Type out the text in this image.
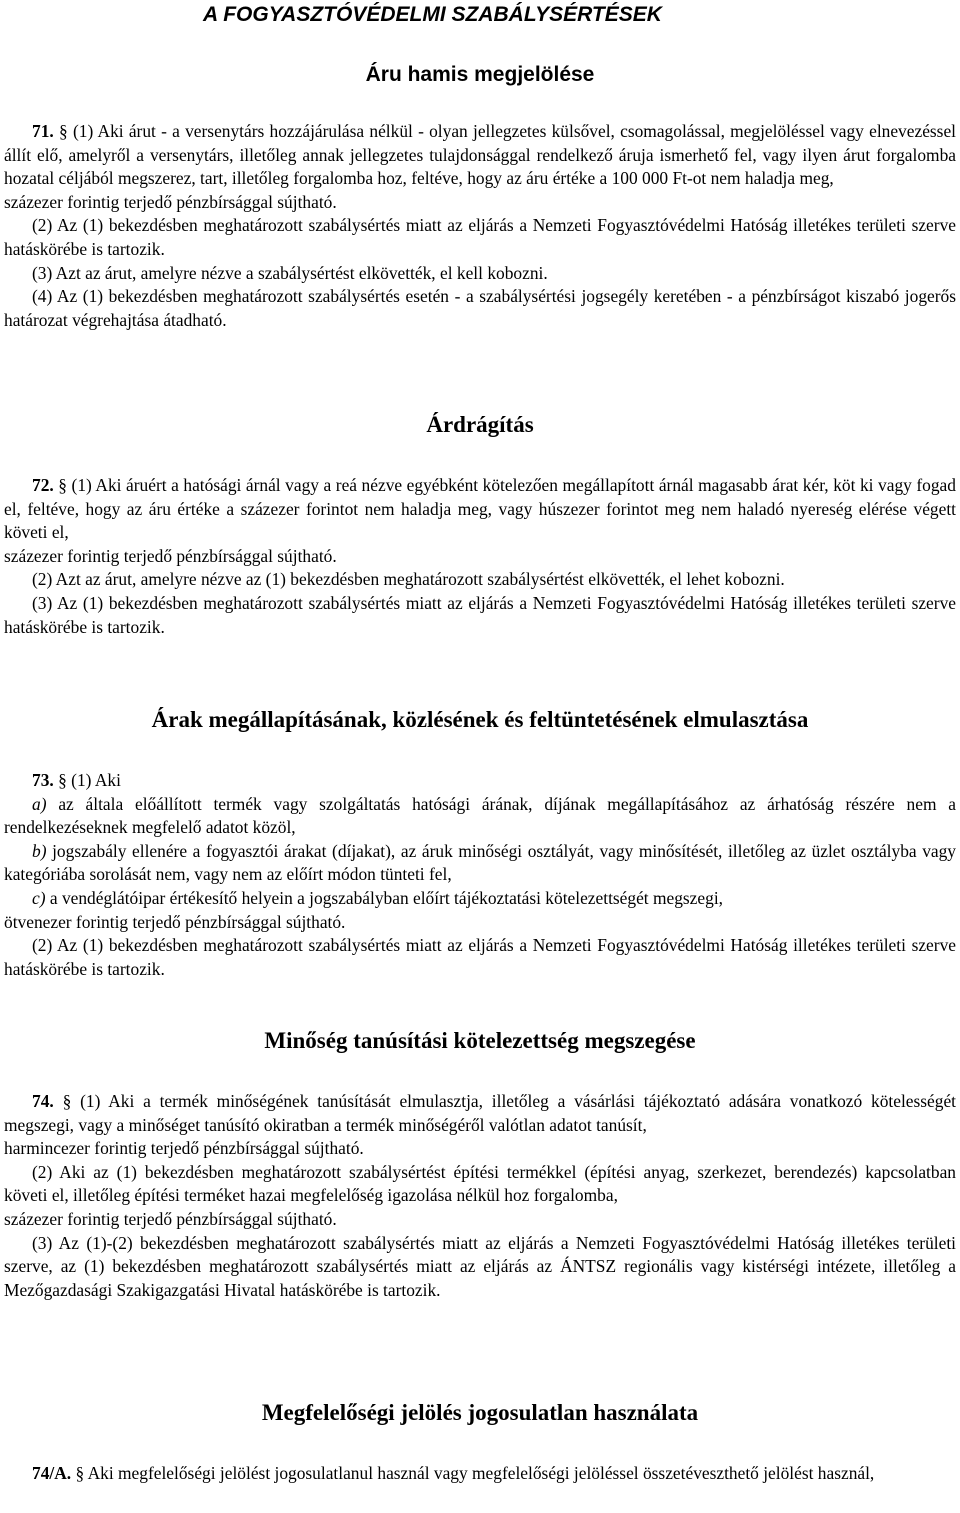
A FOGYASZTÓVÉDELMI SZABÁLYSÉRTÉSEK
Áru hamis megjelölése

71. § (1) Aki árut - a versenytárs hozzájárulása nélkül - olyan jellegzetes külsővel, csomagolással, megjelöléssel vagy elnevezéssel állít elő, amelyről a versenytárs, illetőleg annak jellegzetes tulajdonsággal rendelkező áruja ismerhető fel, vagy ilyen árut forgalomba hozatal céljából megszerez, tart, illetőleg forgalomba hoz, feltéve, hogy az áru értéke a 100 000 Ft-ot nem haladja meg,

százezer forintig terjedő pénzbírsággal sújtható.

(2) Az (1) bekezdésben meghatározott szabálysértés miatt az eljárás a Nemzeti Fogyasztóvédelmi Hatóság illetékes területi szerve hatáskörébe is tartozik.

(3) Azt az árut, amelyre nézve a szabálysértést elkövették, el kell kobozni.

(4) Az (1) bekezdésben meghatározott szabálysértés esetén - a szabálysértési jogsegély keretében - a pénzbírságot kiszabó jogerős határozat végrehajtása átadható.

Árdrágítás

72. § (1) Aki áruért a hatósági árnál vagy a reá nézve egyébként kötelezően megállapított árnál magasabb árat kér, köt ki vagy fogad el, feltéve, hogy az áru értéke a százezer forintot nem haladja meg, vagy húszezer forintot meg nem haladó nyereség elérése végett követi el,

százezer forintig terjedő pénzbírsággal sújtható.

(2) Azt az árut, amelyre nézve az (1) bekezdésben meghatározott szabálysértést elkövették, el lehet kobozni.

(3) Az (1) bekezdésben meghatározott szabálysértés miatt az eljárás a Nemzeti Fogyasztóvédelmi Hatóság illetékes területi szerve hatáskörébe is tartozik.

Árak megállapításának, közlésének és feltüntetésének elmulasztása

73. § (1) Aki

a) az általa előállított termék vagy szolgáltatás hatósági árának, díjának megállapításához az árhatóság részére nem a rendelkezéseknek megfelelő adatot közöl,

b) jogszabály ellenére a fogyasztói árakat (díjakat), az áruk minőségi osztályát, vagy minősítését, illetőleg az üzlet osztályba vagy kategóriába sorolását nem, vagy nem az előírt módon tünteti fel,

c) a vendéglátóipar értékesítő helyein a jogszabályban előírt tájékoztatási kötelezettségét megszegi,

ötvenezer forintig terjedő pénzbírsággal sújtható.

(2) Az (1) bekezdésben meghatározott szabálysértés miatt az eljárás a Nemzeti Fogyasztóvédelmi Hatóság illetékes területi szerve hatáskörébe is tartozik.

Minőség tanúsítási kötelezettség megszegése

74. § (1) Aki a termék minőségének tanúsítását elmulasztja, illetőleg a vásárlási tájékoztató adására vonatkozó kötelességét megszegi, vagy a minőséget tanúsító okiratban a termék minőségéről valótlan adatot tanúsít,

harmincezer forintig terjedő pénzbírsággal sújtható.

(2) Aki az (1) bekezdésben meghatározott szabálysértést építési termékkel (építési anyag, szerkezet, berendezés) kapcsolatban követi el, illetőleg építési terméket hazai megfelelőség igazolása nélkül hoz forgalomba,

százezer forintig terjedő pénzbírsággal sújtható.

(3) Az (1)-(2) bekezdésben meghatározott szabálysértés miatt az eljárás a Nemzeti Fogyasztóvédelmi Hatóság illetékes területi szerve, az (1) bekezdésben meghatározott szabálysértés miatt az eljárás az ÁNTSZ regionális vagy kistérségi intézete, illetőleg a Mezőgazdasági Szakigazgatási Hivatal hatáskörébe is tartozik.

Megfelelőségi jelölés jogosulatlan használata

74/A. § Aki megfelelőségi jelölést jogosulatlanul használ vagy megfelelőségi jelöléssel összetéveszthető jelölést használ,
